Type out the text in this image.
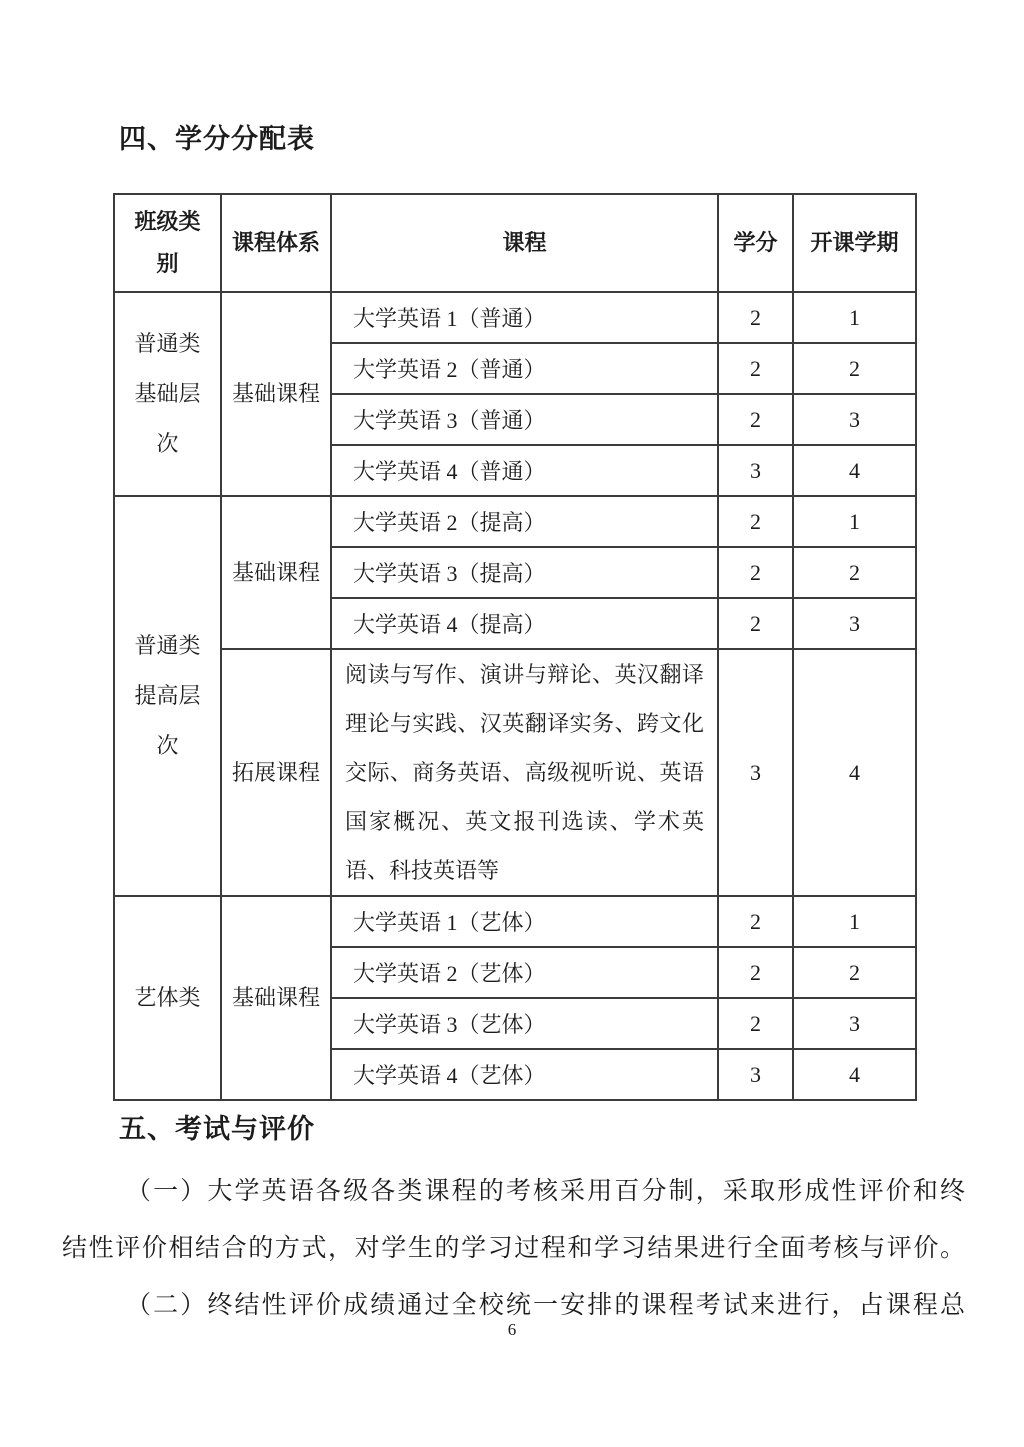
四、学分分配表
班级类别	课程体系	课程	学分	开课学期
普通类基础层次	基础课程	大学英语 1（普通）	2	1
		大学英语 2（普通）	2	2
		大学英语 3（普通）	2	3
		大学英语 4（普通）	3	4
普通类提高层次	基础课程	大学英语 2（提高）	2	1
		大学英语 3（提高）	2	2
		大学英语 4（提高）	2	3
	拓展课程	阅读与写作、演讲与辩论、英汉翻译理论与实践、汉英翻译实务、跨文化交际、商务英语、高级视听说、英语国家概况、英文报刊选读、学术英语、科技英语等	3	4
艺体类	基础课程	大学英语 1（艺体）	2	1
		大学英语 2（艺体）	2	2
		大学英语 3（艺体）	2	3
		大学英语 4（艺体）	3	4
五、考试与评价
（一）大学英语各级各类课程的考核采用百分制，采取形成性评价和终
结性评价相结合的方式，对学生的学习过程和学习结果进行全面考核与评价。
（二）终结性评价成绩通过全校统一安排的课程考试来进行，占课程总
6
